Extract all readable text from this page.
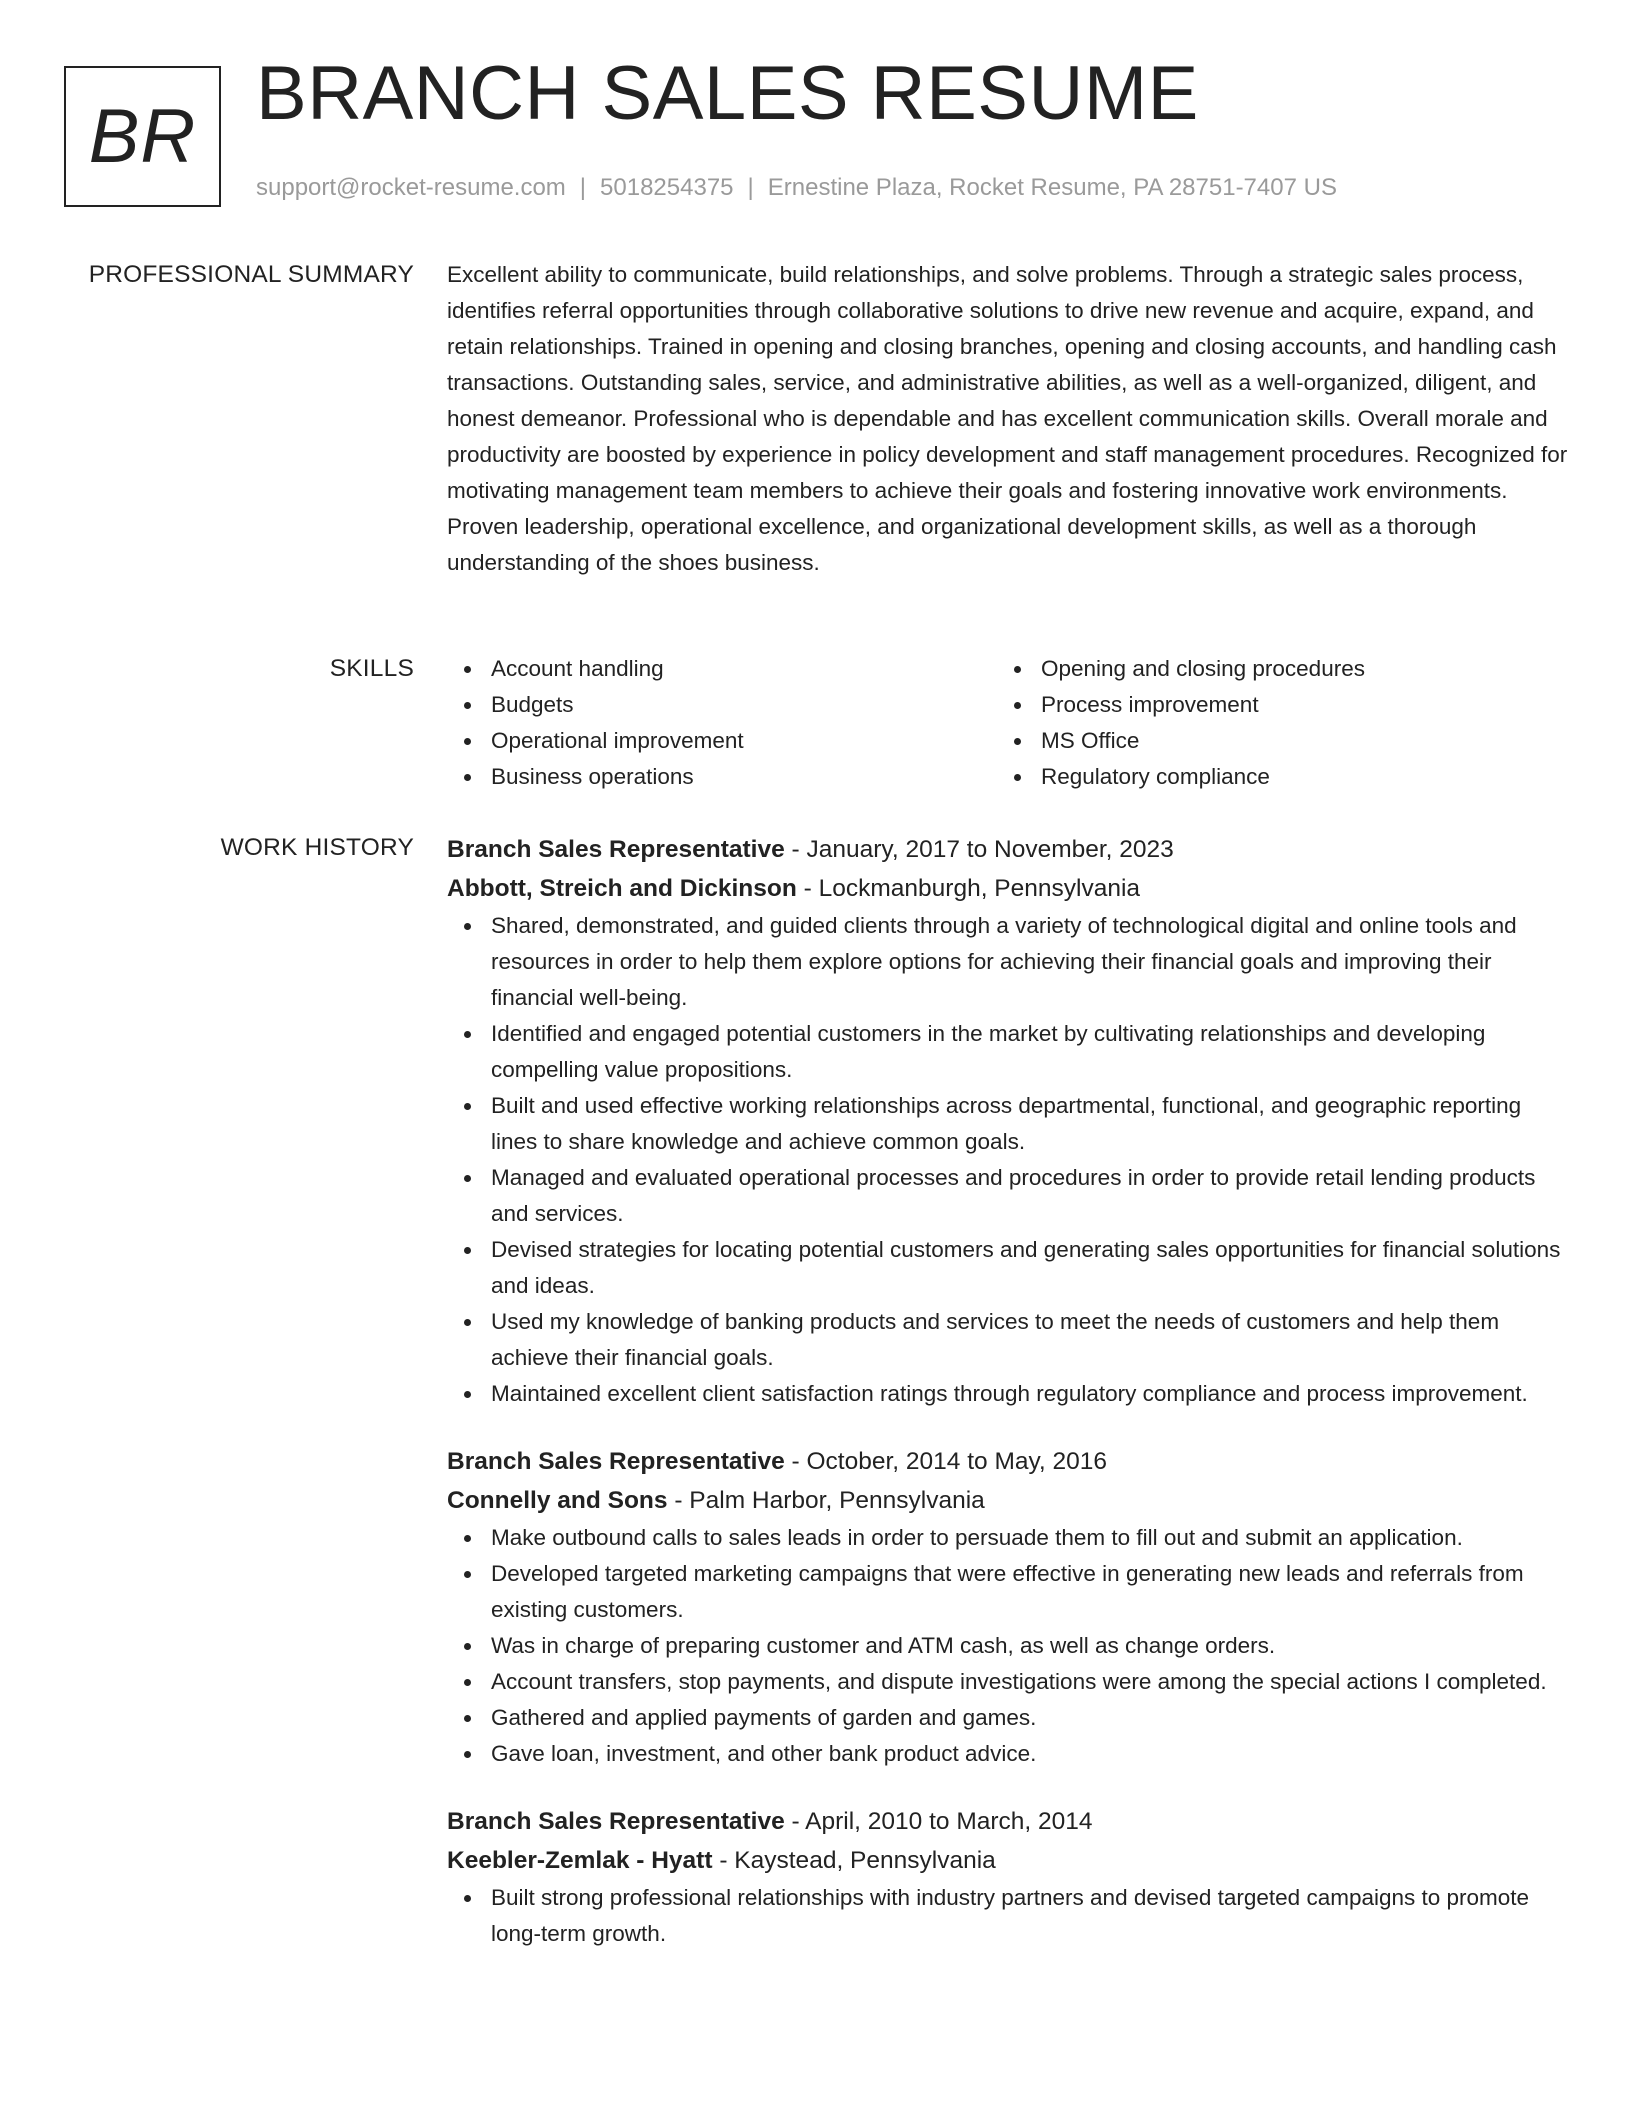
BR
BRANCH SALES RESUME
support@rocket-resume.com | 5018254375 | Ernestine Plaza, Rocket Resume, PA 28751-7407 US
PROFESSIONAL SUMMARY Excellent ability to communicate, build relationships, and solve problems. Through a strategic sales process, identifies referral opportunities through collaborative solutions to drive new revenue and acquire, expand, and retain relationships. Trained in opening and closing branches, opening and closing accounts, and handling cash transactions. Outstanding sales, service, and administrative abilities, as well as a well-organized, diligent, and honest demeanor. Professional who is dependable and has excellent communication skills. Overall morale and productivity are boosted by experience in policy development and staff management procedures. Recognized for motivating management team members to achieve their goals and fostering innovative work environments. Proven leadership, operational excellence, and organizational development skills, as well as a thorough understanding of the shoes business.

SKILLS	Account handling
Budgets
Operational improvement
Business operations
Opening and closing procedures
Process improvement
MS Office
Regulatory compliance
WORK HISTORY Branch Sales Representative - January, 2017 to November, 2023
Abbott, Streich and Dickinson - Lockmanburgh, Pennsylvania
Shared, demonstrated, and guided clients through a variety of technological digital and online tools and resources in order to help them explore options for achieving their financial goals and improving their financial well-being.
Identified and engaged potential customers in the market by cultivating relationships and developing compelling value propositions.
Built and used effective working relationships across departmental, functional, and geographic reporting lines to share knowledge and achieve common goals.
Managed and evaluated operational processes and procedures in order to provide retail lending products and services.
Devised strategies for locating potential customers and generating sales opportunities for financial solutions and ideas.
Used my knowledge of banking products and services to meet the needs of customers and help them achieve their financial goals.
Maintained excellent client satisfaction ratings through regulatory compliance and process improvement.
Branch Sales Representative - October, 2014 to May, 2016
Connelly and Sons - Palm Harbor, Pennsylvania
Make outbound calls to sales leads in order to persuade them to fill out and submit an application.
Developed targeted marketing campaigns that were effective in generating new leads and referrals from existing customers.
Was in charge of preparing customer and ATM cash, as well as change orders.
Account transfers, stop payments, and dispute investigations were among the special actions I completed.
Gathered and applied payments of garden and games.
Gave loan, investment, and other bank product advice.
Branch Sales Representative - April, 2010 to March, 2014
Keebler-Zemlak - Hyatt - Kaystead, Pennsylvania
Built strong professional relationships with industry partners and devised targeted campaigns to promote long-term growth.
